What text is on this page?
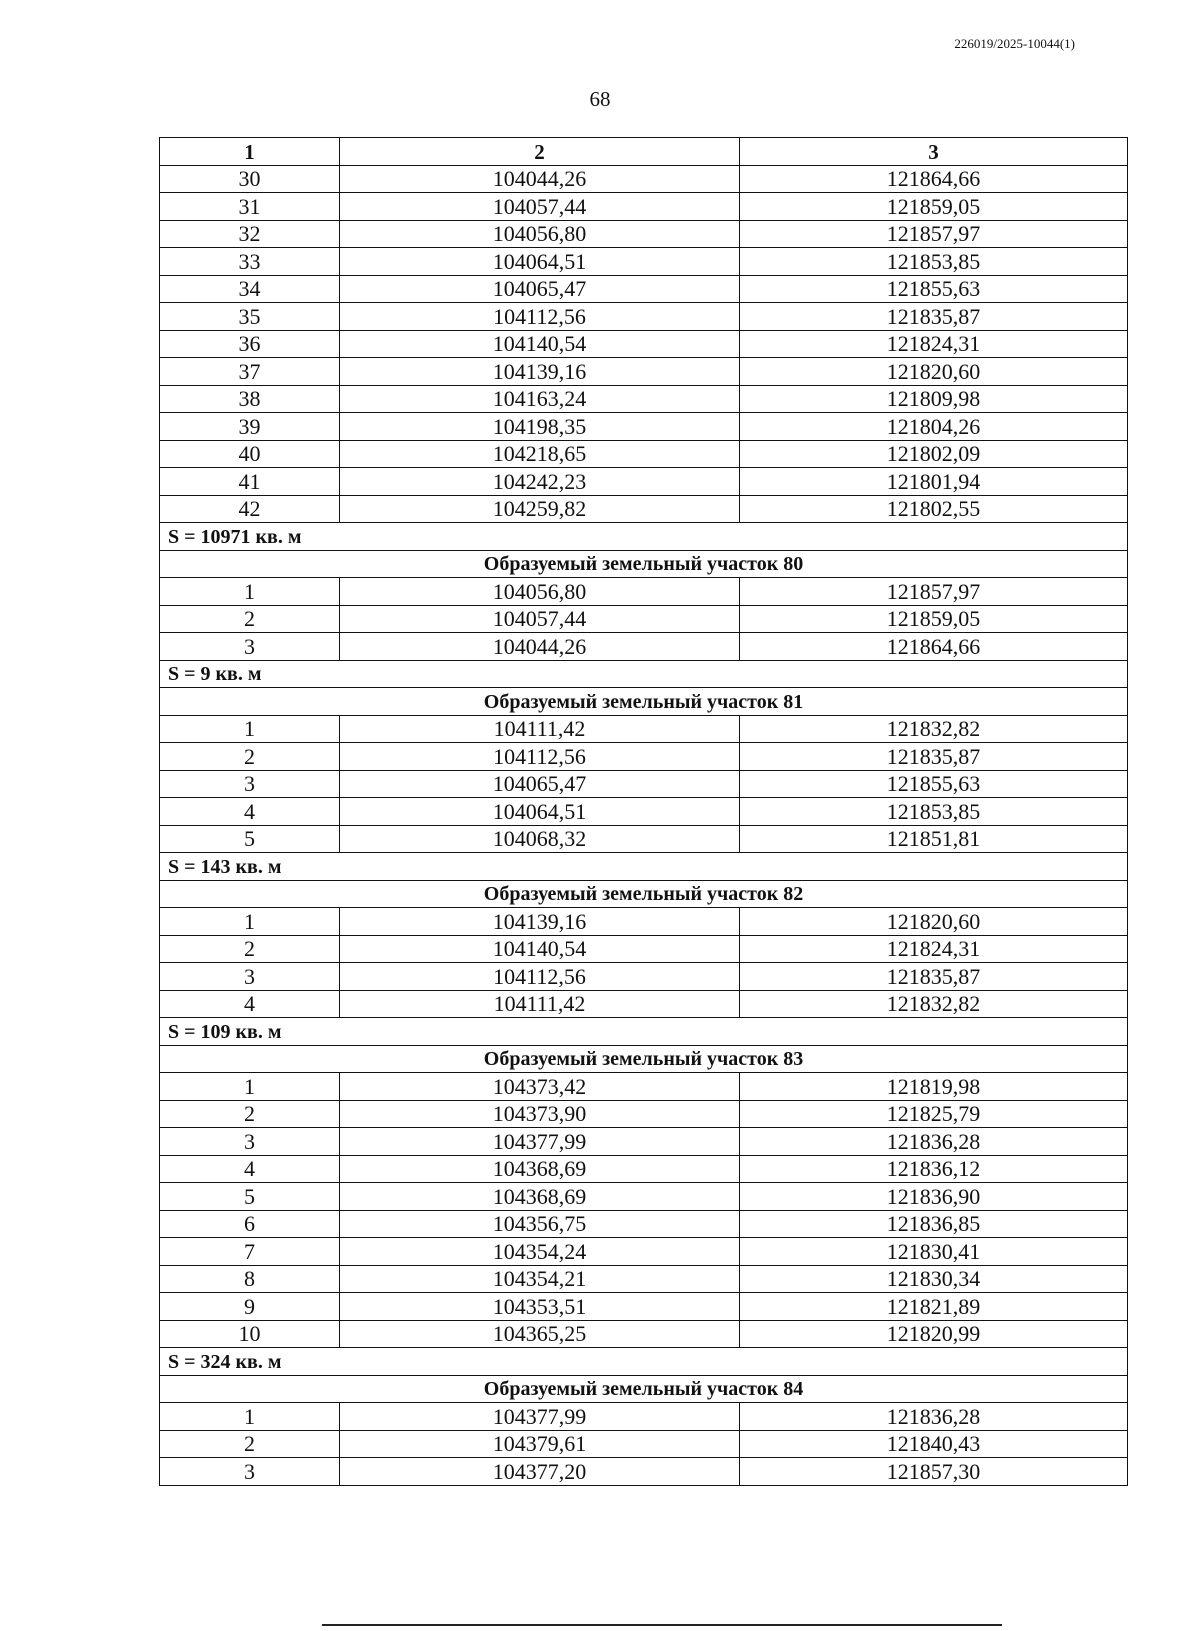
226019/2025-10044(1)
68
1	2	3
30	104044,26	121864,66
31	104057,44	121859,05
32	104056,80	121857,97
33	104064,51	121853,85
34	104065,47	121855,63
35	104112,56	121835,87
36	104140,54	121824,31
37	104139,16	121820,60
38	104163,24	121809,98
39	104198,35	121804,26
40	104218,65	121802,09
41	104242,23	121801,94
42	104259,82	121802,55
S = 10971 кв. м		
Образуемый земельный участок 80		
1	104056,80	121857,97
2	104057,44	121859,05
3	104044,26	121864,66
S = 9 кв. м		
Образуемый земельный участок 81		
1	104111,42	121832,82
2	104112,56	121835,87
3	104065,47	121855,63
4	104064,51	121853,85
5	104068,32	121851,81
S = 143 кв. м		
Образуемый земельный участок 82		
1	104139,16	121820,60
2	104140,54	121824,31
3	104112,56	121835,87
4	104111,42	121832,82
S = 109 кв. м		
Образуемый земельный участок 83		
1	104373,42	121819,98
2	104373,90	121825,79
3	104377,99	121836,28
4	104368,69	121836,12
5	104368,69	121836,90
6	104356,75	121836,85
7	104354,24	121830,41
8	104354,21	121830,34
9	104353,51	121821,89
10	104365,25	121820,99
S = 324 кв. м		
Образуемый земельный участок 84		
1	104377,99	121836,28
2	104379,61	121840,43
3	104377,20	121857,30
